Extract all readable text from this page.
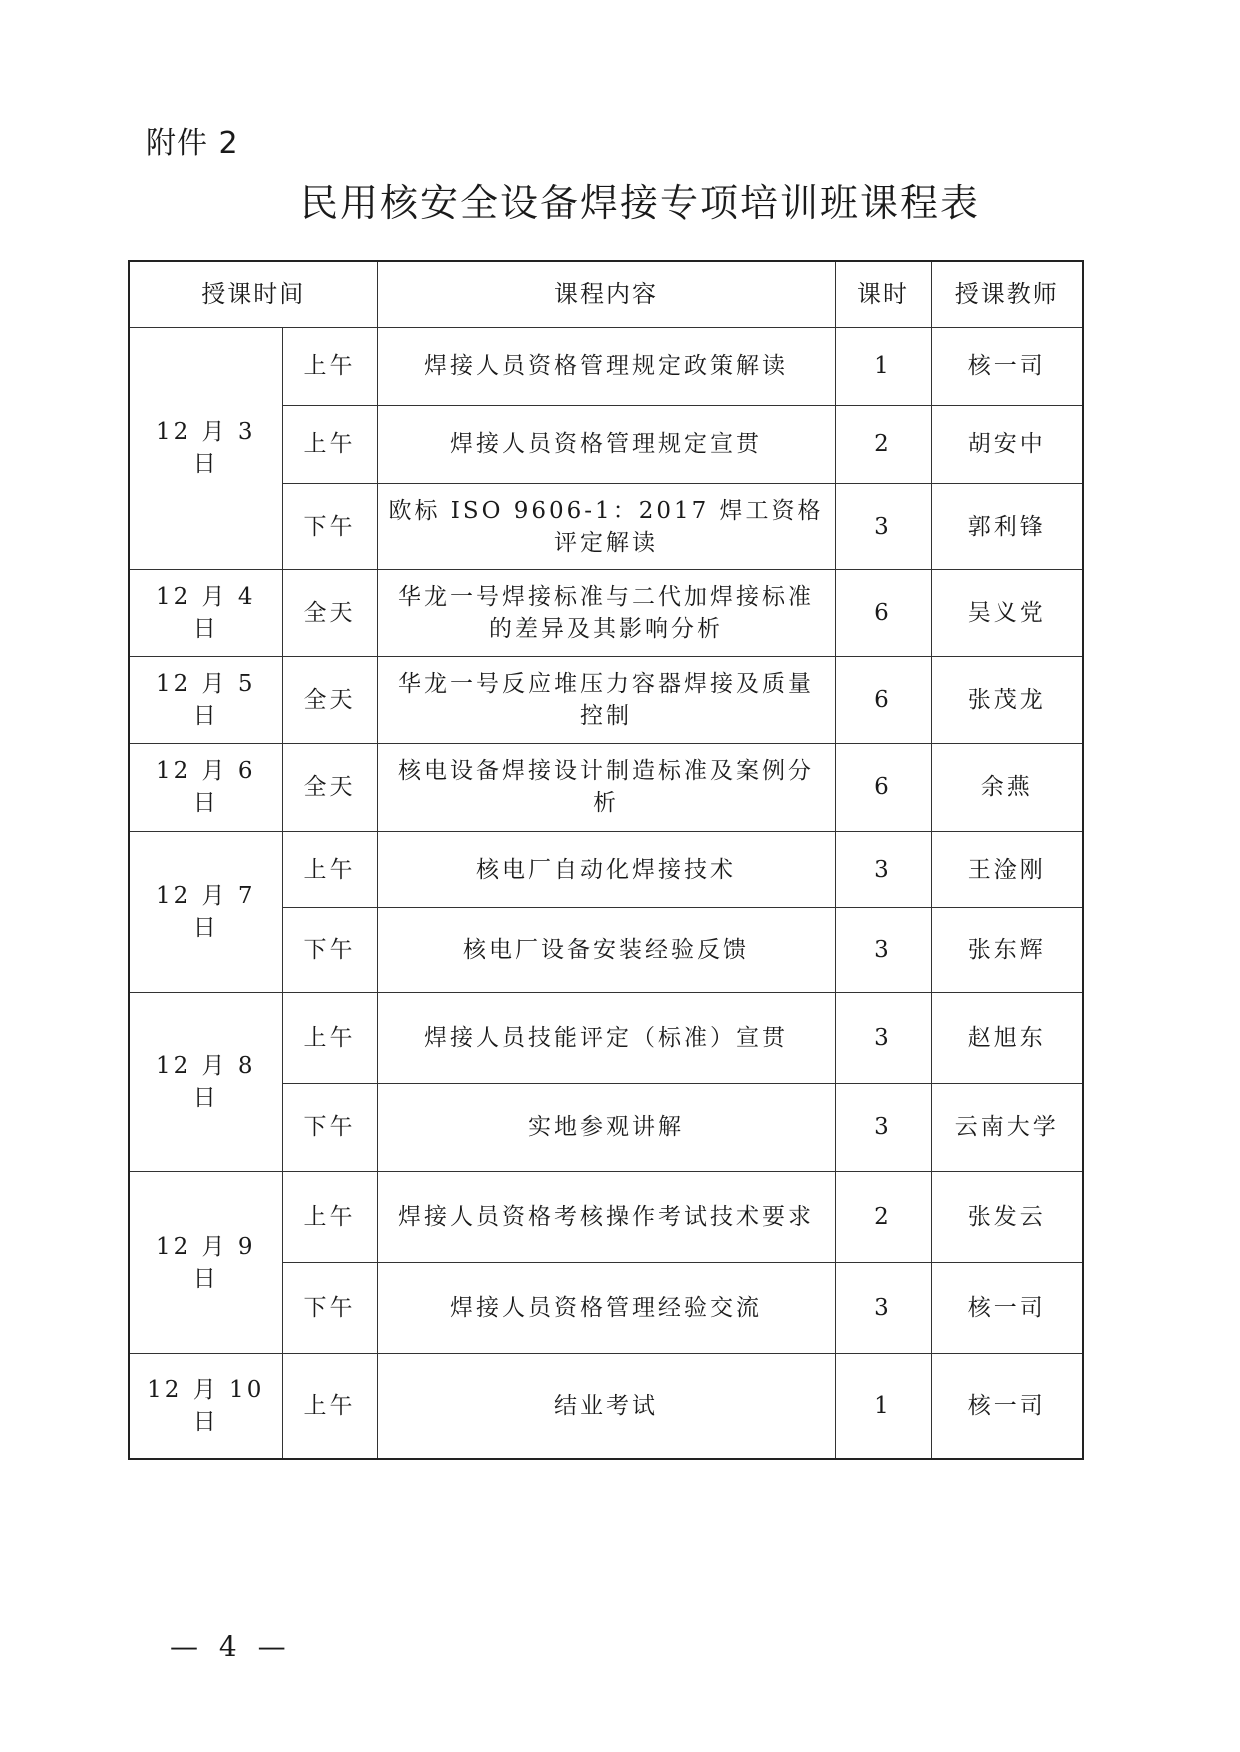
附件 2
民用核安全设备焊接专项培训班课程表
授课时间		课程内容	课时	授课教师
12 月 3 日	上午	焊接人员资格管理规定政策解读	1	核一司
	上午	焊接人员资格管理规定宣贯	2	胡安中
	下午	欧标 ISO 9606-1：2017 焊工资格评定解读	3	郭利锋
12 月 4 日	全天	华龙一号焊接标准与二代加焊接标准的差异及其影响分析	6	吴义党
12 月 5 日	全天	华龙一号反应堆压力容器焊接及质量控制	6	张茂龙
12 月 6 日	全天	核电设备焊接设计制造标准及案例分析	6	余燕
12 月 7 日	上午	核电厂自动化焊接技术	3	王淦刚
	下午	核电厂设备安装经验反馈	3	张东辉
12 月 8 日	上午	焊接人员技能评定（标准）宣贯	3	赵旭东
	下午	实地参观讲解	3	云南大学
12 月 9 日	上午	焊接人员资格考核操作考试技术要求	2	张发云
	下午	焊接人员资格管理经验交流	3	核一司
12 月 10 日	上午	结业考试	1	核一司
— 4 —
